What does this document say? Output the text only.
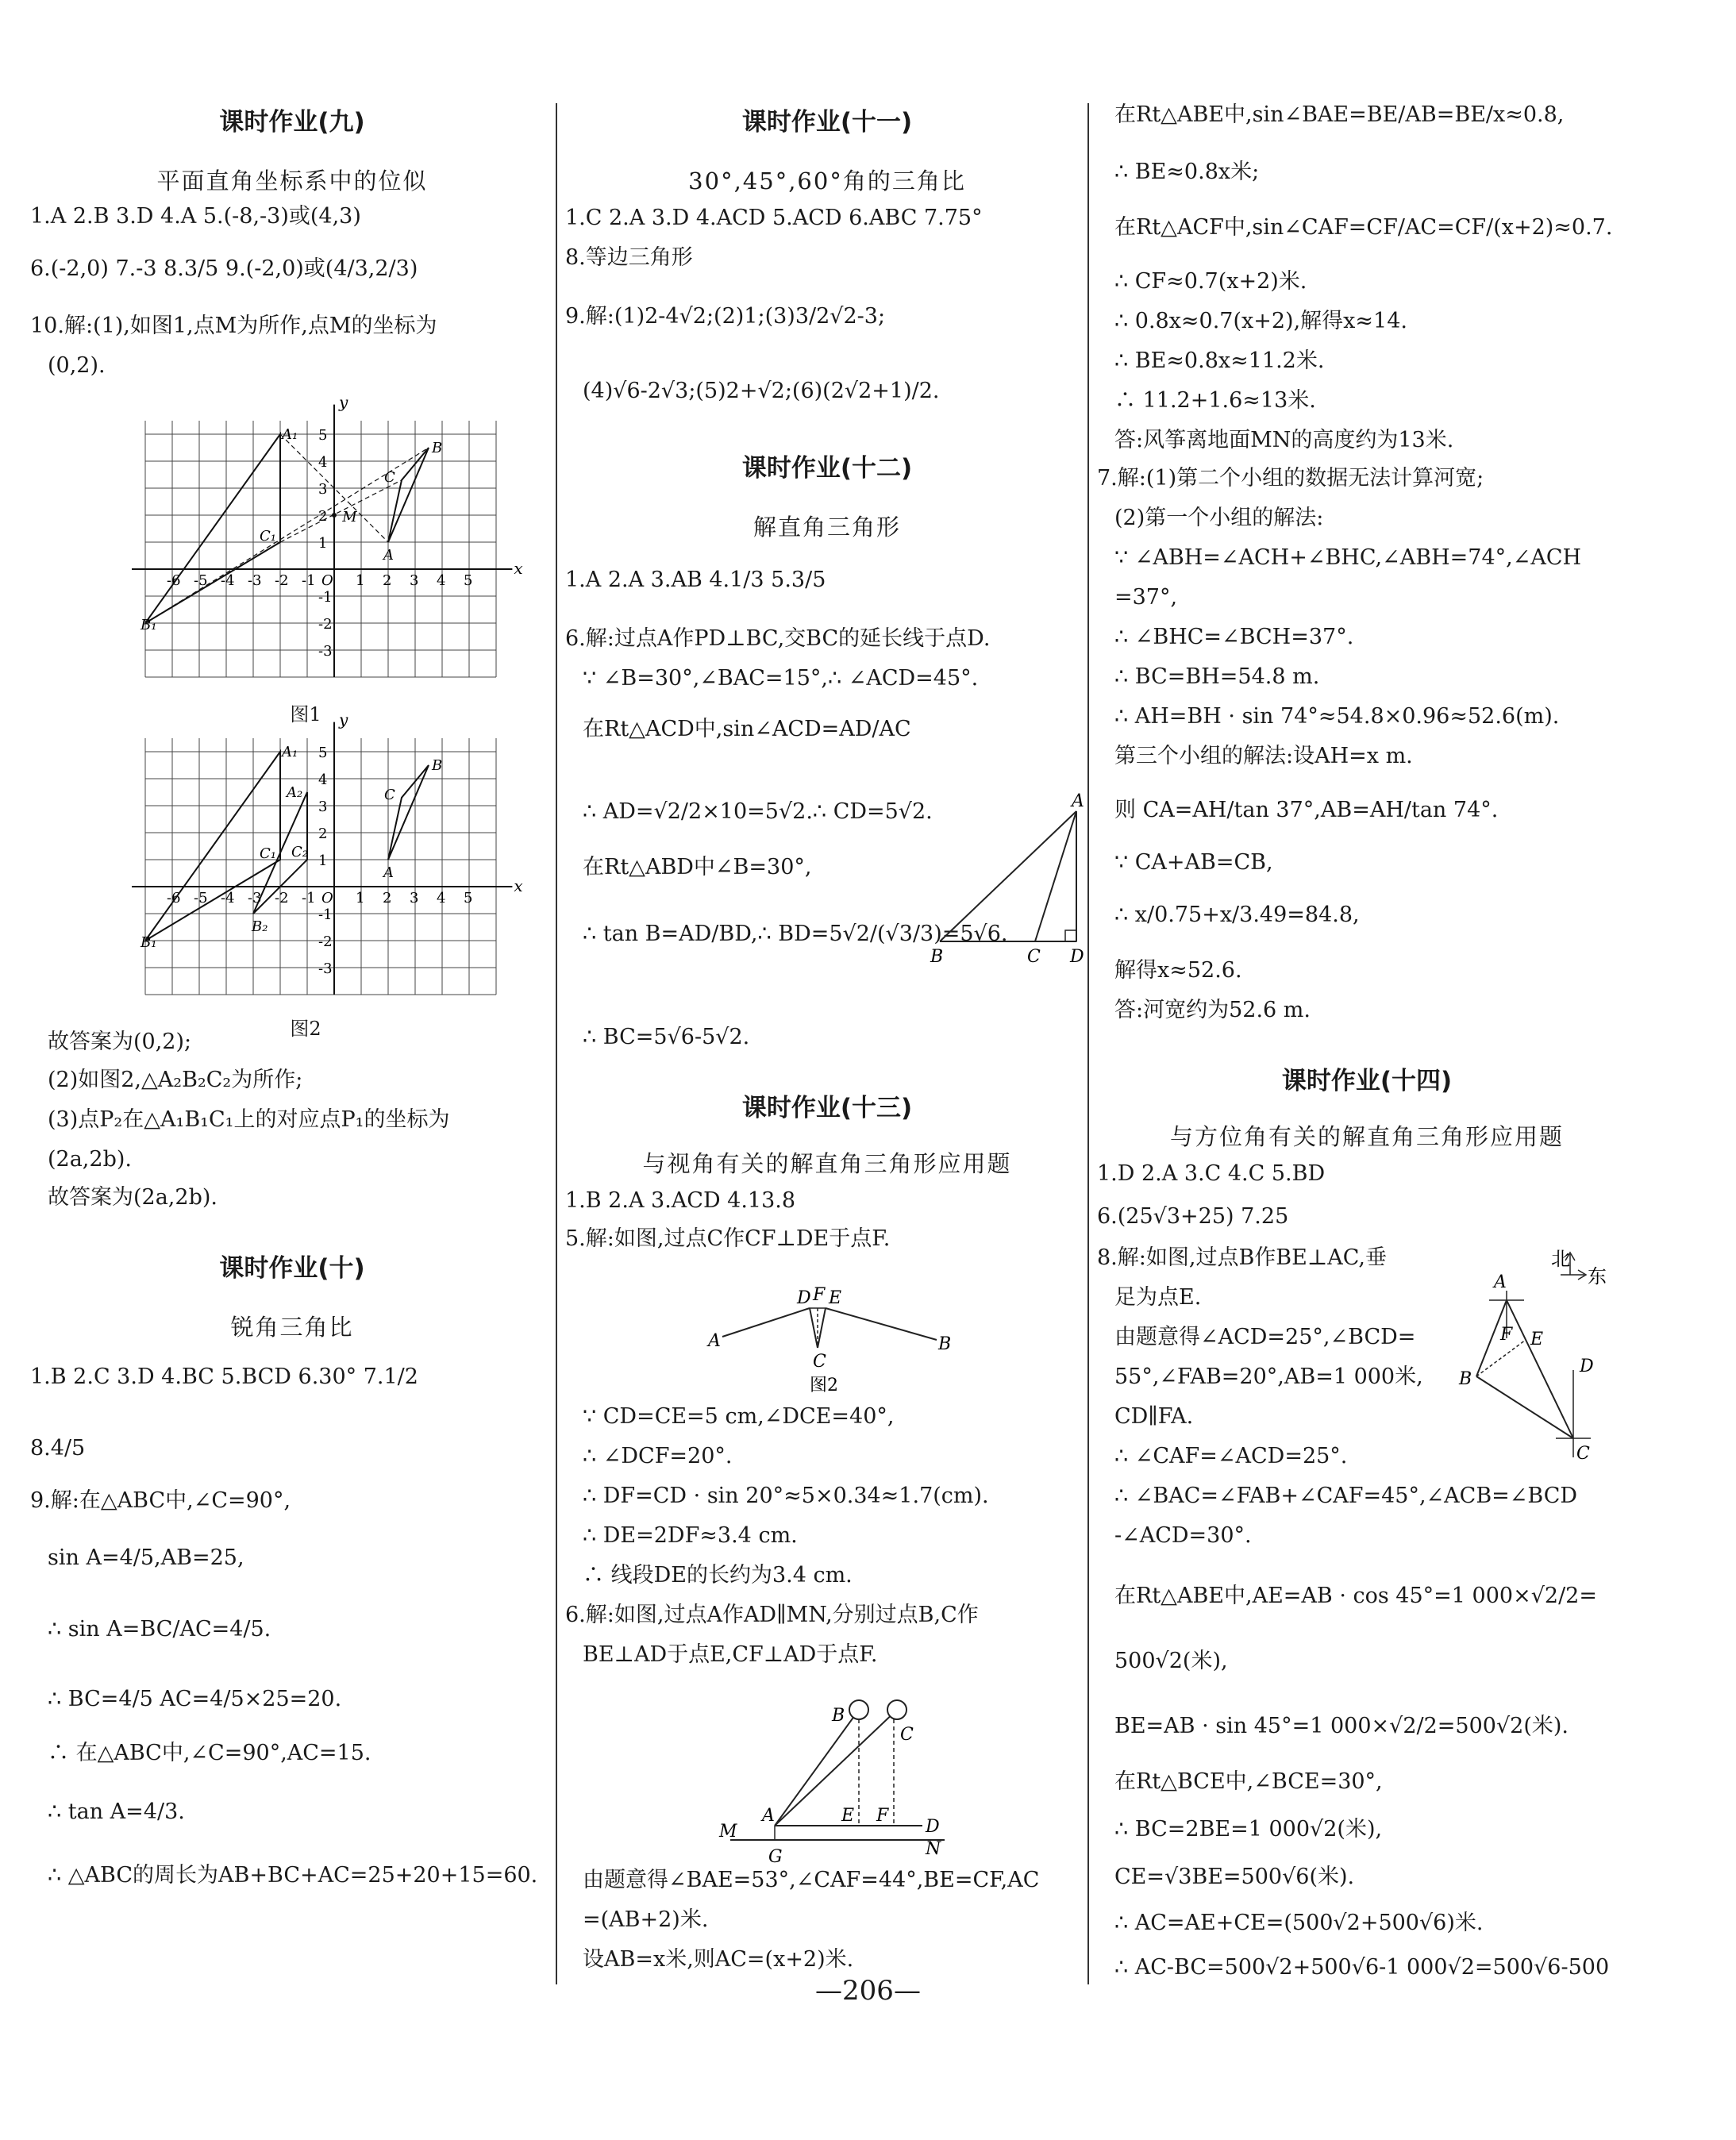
课时作业(九)
平面直角坐标系中的位似
1.A 2.B 3.D 4.A 5.(-8,-3)或(4,3)
6.(-2,0) 7.-3 8.3/5 9.(-2,0)或(4/3,2/3)
10.解:(1),如图1,点M为所作,点M的坐标为
(0,2).
故答案为(0,2);
(2)如图2,△A₂B₂C₂为所作;
(3)点P₂在△A₁B₁C₁上的对应点P₁的坐标为
(2a,2b).
故答案为(2a,2b).
课时作业(十)
锐角三角比
1.B 2.C 3.D 4.BC 5.BCD 6.30° 7.1/2
8.4/5
9.解:在△ABC中,∠C=90°,
sin A=4/5,AB=25,
∴ sin A=BC/AC=4/5.
∴ BC=4/5 AC=4/5×25=20.
∴ 在△ABC中,∠C=90°,AC=15.
∴ tan A=4/3.
∴ △ABC的周长为AB+BC+AC=25+20+15=60.
课时作业(十一)
30°,45°,60°角的三角比
1.C 2.A 3.D 4.ACD 5.ACD 6.ABC 7.75°
8.等边三角形
9.解:(1)2-4√2;(2)1;(3)3/2√2-3;
(4)√6-2√3;(5)2+√2;(6)(2√2+1)/2.
课时作业(十二)
解直角三角形
1.A 2.A 3.AB 4.1/3 5.3/5
6.解:过点A作PD⊥BC,交BC的延长线于点D.
∵ ∠B=30°,∠BAC=15°,∴ ∠ACD=45°.
在Rt△ACD中,sin∠ACD=AD/AC
∴ AD=√2/2×10=5√2.∴ CD=5√2.
在Rt△ABD中∠B=30°,
∴ tan B=AD/BD,∴ BD=5√2/(√3/3)=5√6.
∴ BC=5√6-5√2.
课时作业(十三)
与视角有关的解直角三角形应用题
1.B 2.A 3.ACD 4.13.8
5.解:如图,过点C作CF⊥DE于点F.
∵ CD=CE=5 cm,∠DCE=40°,
∴ ∠DCF=20°.
∴ DF=CD · sin 20°≈5×0.34≈1.7(cm).
∴ DE=2DF≈3.4 cm.
∴ 线段DE的长约为3.4 cm.
6.解:如图,过点A作AD∥MN,分别过点B,C作
BE⊥AD于点E,CF⊥AD于点F.
由题意得∠BAE=53°,∠CAF=44°,BE=CF,AC
=(AB+2)米.
设AB=x米,则AC=(x+2)米.
在Rt△ABE中,sin∠BAE=BE/AB=BE/x≈0.8,
∴ BE≈0.8x米;
在Rt△ACF中,sin∠CAF=CF/AC=CF/(x+2)≈0.7.
∴ CF≈0.7(x+2)米.
∴ 0.8x≈0.7(x+2),解得x≈14.
∴ BE≈0.8x≈11.2米.
∴ 11.2+1.6≈13米.
答:风筝离地面MN的高度约为13米.
7.解:(1)第二个小组的数据无法计算河宽;
(2)第一个小组的解法:
∵ ∠ABH=∠ACH+∠BHC,∠ABH=74°,∠ACH
=37°,
∴ ∠BHC=∠BCH=37°.
∴ BC=BH=54.8 m.
∴ AH=BH · sin 74°≈54.8×0.96≈52.6(m).
第三个小组的解法:设AH=x m.
则 CA=AH/tan 37°,AB=AH/tan 74°.
∵ CA+AB=CB,
∴ x/0.75+x/3.49=84.8,
解得x≈52.6.
答:河宽约为52.6 m.
课时作业(十四)
与方位角有关的解直角三角形应用题
1.D 2.A 3.C 4.C 5.BD
6.(25√3+25) 7.25
8.解:如图,过点B作BE⊥AC,垂
足为点E.
由题意得∠ACD=25°,∠BCD=
55°,∠FAB=20°,AB=1 000米,
CD∥FA.
∴ ∠CAF=∠ACD=25°.
∴ ∠BAC=∠FAB+∠CAF=45°,∠ACB=∠BCD
-∠ACD=30°.
在Rt△ABE中,AE=AB · cos 45°=1 000×√2/2=
500√2(米),
BE=AB · sin 45°=1 000×√2/2=500√2(米).
在Rt△BCE中,∠BCE=30°,
∴ BC=2BE=1 000√2(米),
CE=√3BE=500√6(米).
∴ AC=AE+CE=(500√2+500√6)米.
∴ AC-BC=500√2+500√6-1 000√2=500√6-500
-6 -5 -4 -3 -2 -1	1 2 3 4 5
O
5
4
3
2
1
-1
-2
-3
x
y
M
A₁
B₁
C₁
A
B
C
图1
-6 -5 -4 -3 -2 -1	1 2 3 4 5
O
5
4
3
2
1
-1
-2
-3
x
y
A₂
B₂
C₂
A₁
B₁
C₁
A
B
C
图2
A
B	C D
A	B
C
D F E
图2
B
C
A	E F
D
M
G	N
A
B
C
D
E
F
北
东
—206—
